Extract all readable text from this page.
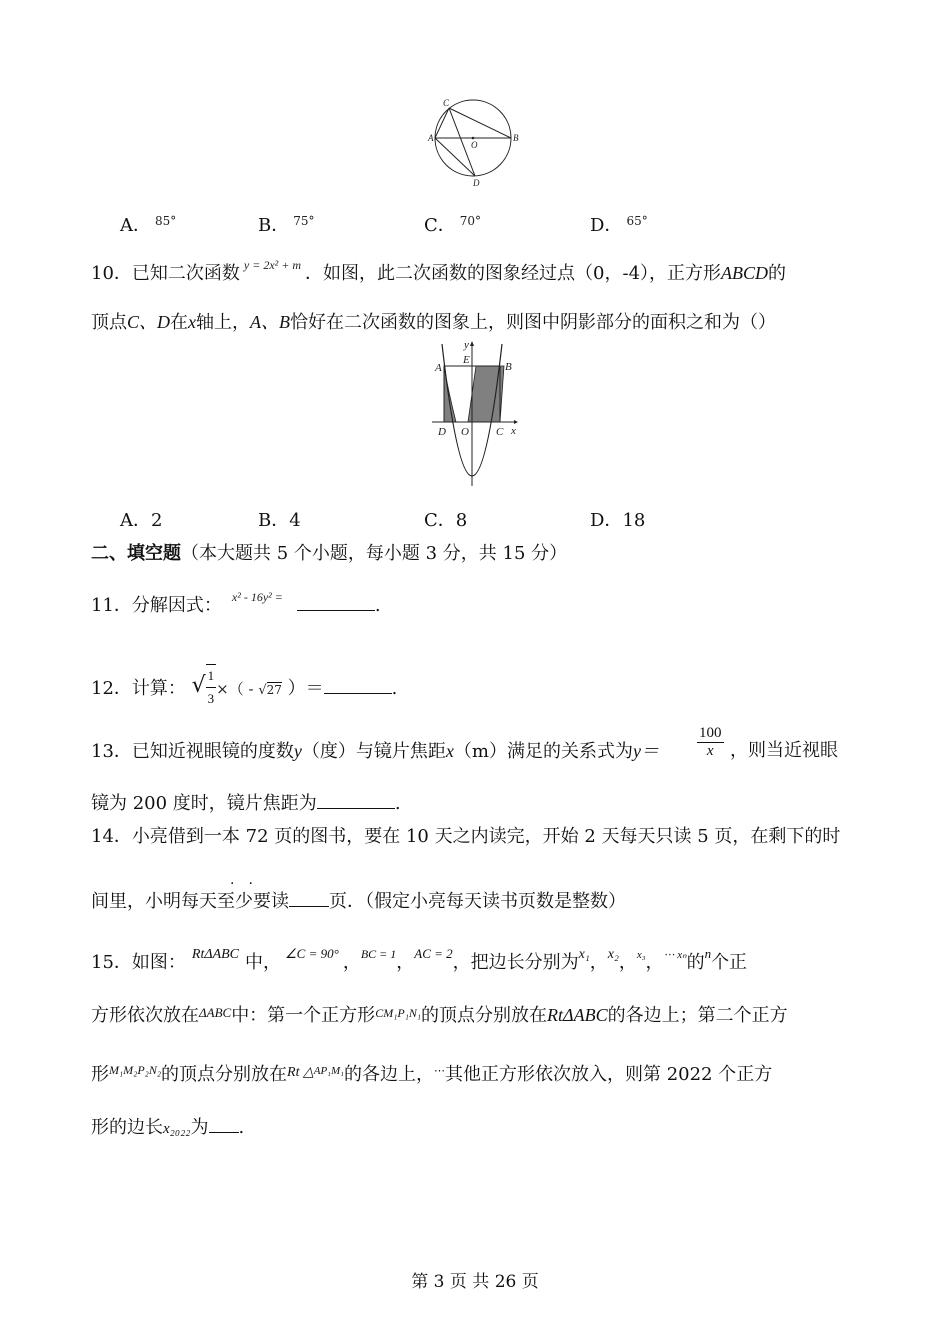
C
A
O
B
D
A． $^{85^\circ}$	B． $^{75^\circ}$	C． $^{70^\circ}$	D． $^{65^\circ}$
10．已知二次函数 $^{y = 2x^2 + m}$ ．如图，此二次函数的图象经过点（0，-4），正方形ABCD的
顶点C、D在x轴上，A、B恰好在二次函数的图象上，则图中阴影部分的面积之和为（）
y
E
A	B
D O C x
A．2	B．4	C．8	D．18
二、填空题（本大题共 5 个小题，每小题 3 分，共 15 分）
11．分解因式： $^{x^2 - 16y^2 =}$	.
12．计算： √ $\frac{1}{3}$ ×（ - √27 ）＝	.
13．已知近视眼镜的度数y（度）与镜片焦距x（m）满足的关系式为y＝	$\frac{100}{x}$ ，则当近视眼
镜为 200 度时，镜片焦距为	.
14．小亮借到一本 72 页的图书，要在 10 天之内读完，开始 2 天每天只读 5 页，在剩下的时
间里，小明每天至少要读 页．（假定小亮每天读书页数是整数）
··
15．如图： $^{Rt\Delta ABC}$ 中， $^{\angle C = 90^\circ}$ ，$^{BC = 1}$，$^{AC = 2}$，把边长分别为$^{x_1}$，$^{x_2}$，$^{x_3}$，$^{\cdots x_n}$的$^n$个正
方形依次放在$^{\Delta ABC}$中：第一个正方形$^{CM_1P_1N_1}$的顶点分别放在RtΔABC的各边上；第二个正方
形$^{M_1M_2P_2N_2}$的顶点分别放在$^{Rt \triangle AP_1M_1}$的各边上，⋯其他正方形依次放入，则第 2022 个正方
形的边长x₂₀₂₂为 .
第 3 页 共 26 页
